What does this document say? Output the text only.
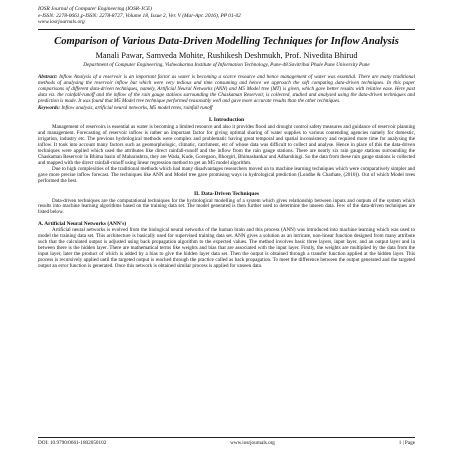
IOSR Journal of Computer Engineering (IOSR-JCE)
e-ISSN: 2278-0661,p-ISSN: 2278-8727, Volume 18, Issue 2, Ver. V (Mar-Apr. 2016), PP 01-02
www.iosrjournals.org
Comparison of Various Data-Driven Modelling Techniques for Inflow Analysis
Manali Pawar, Samveda Mohite, Rushikesh Deshmukh, Prof. Nivedita Bhirud
Department of Computer Engineering, Vishwakarma Institute of Information Technology, Pune-48.Savitribai Phule Pune University Pune
Abstract: Inflow Analysis of a reservoir is an important factor as water is becoming a scarce resource and hence management of water was essential. There are many traditional methods of analysing the reservoir inflow but which were very tedious and time consuming and hence we approach the soft computing data-driven techniques. In this paper comparisons of different data-driven techniques, namely, Artificial Neural Networks (ANN) and M5 Model tree (MT) is given, which gave better results with relative ease. Here past data viz. the rainfall-runoff and the inflow of the rain gauge stations surrounding the Chaskaman Reservoir, is collected, studied and analysed using the data-driven techniques and prediction is made. It was found that M5 Model tree technique performed reasonably well and gave more accurate results than the other techniques.
Keywords: Inflow analysis, artificial neural networks, M5 model trees, rainfall runoff
I. Introduction

Management of reservoirs is essential as water is becoming a limited resource and also it provides flood and drought control safety measures and guidance of reservoir planning and management. Forecasting of reservoir inflow is rather an important factor for giving optimal sharing of water supplies to various contending agencies namely for domestic, irrigation, industry etc. The previous hydrological methods were complex and problematic having great temporal and spatial inconsistency and required more time for analysing the inflow. It took into account many factors such as geomorphologic, climatic, catchment, etc of whose data was difficult to collect and analyse. Hence in place of this the data-driven techniques were applied which used the attributes like direct rainfall-runoff and the inflow from the rain gauge stations. There are nearly six rain gauge stations surrounding the Chaskaman Reservoir in Bhima basin of Maharashtra, they are Wada, Kude, Goregaon, Bhorgiri, Bhimashankar and Adharshingi. So the data from these rain gauge stations is collected and mapped with the direct rainfall-runoff using linear regression method to get an M5 model algorithm.

Due to high complexities of the traditional methods which had many disadvantages researchers moved on to machine learning techniques which were comparatively simpler and gave more precise inflow forecast. The techniques like ANN and Model tree gave promising ways in hydrological prediction (Londhe & Charhate, (2010)). Out of which Model trees performed the best.

II. Data-Driven Techniques

Data-driven techniques are the computational techniques for the hydrological modelling of a system which gives relationship between inputs and outputs of the system which results into machine learning algorithms based on the training data set. The model generated is then further used to determine the unseen data. Few of the data-driven techniques are listed below.

A. Artificial Neural Networks (ANN's)

Artificial neural networks is evolved from the biological neural networks of the human brain and this process (ANN) was introduced into machine learning which was used to model the training data set. This architecture is basically used for supervised training data set. ANN gives a solution as an intricate, non-linear function designed from many attribute such that the calculated output is adjusted using back propagation algorithm to the expected values. The method involves basic three layers, input layer, and an output layer and in between there is the hidden layer. There are mathematical terms like weights and bias that are associated with the input layer. Firstly, the weights are multiplied by the data from the input layer, later the product of which is added by a bias to give the hidden layer data set. Then the output is obtained through a transfer function applied at the hidden layer. This process is recursively applied until the targeted output is reached through the practice called as back propagation. To meet the difference between the output generated and the targeted output an error function is generated. Once this network is obtained similar process is applied for unseen data.

DOI: 10.9790/0661-1802050102	www.iosrjournals.org	1 | Page
